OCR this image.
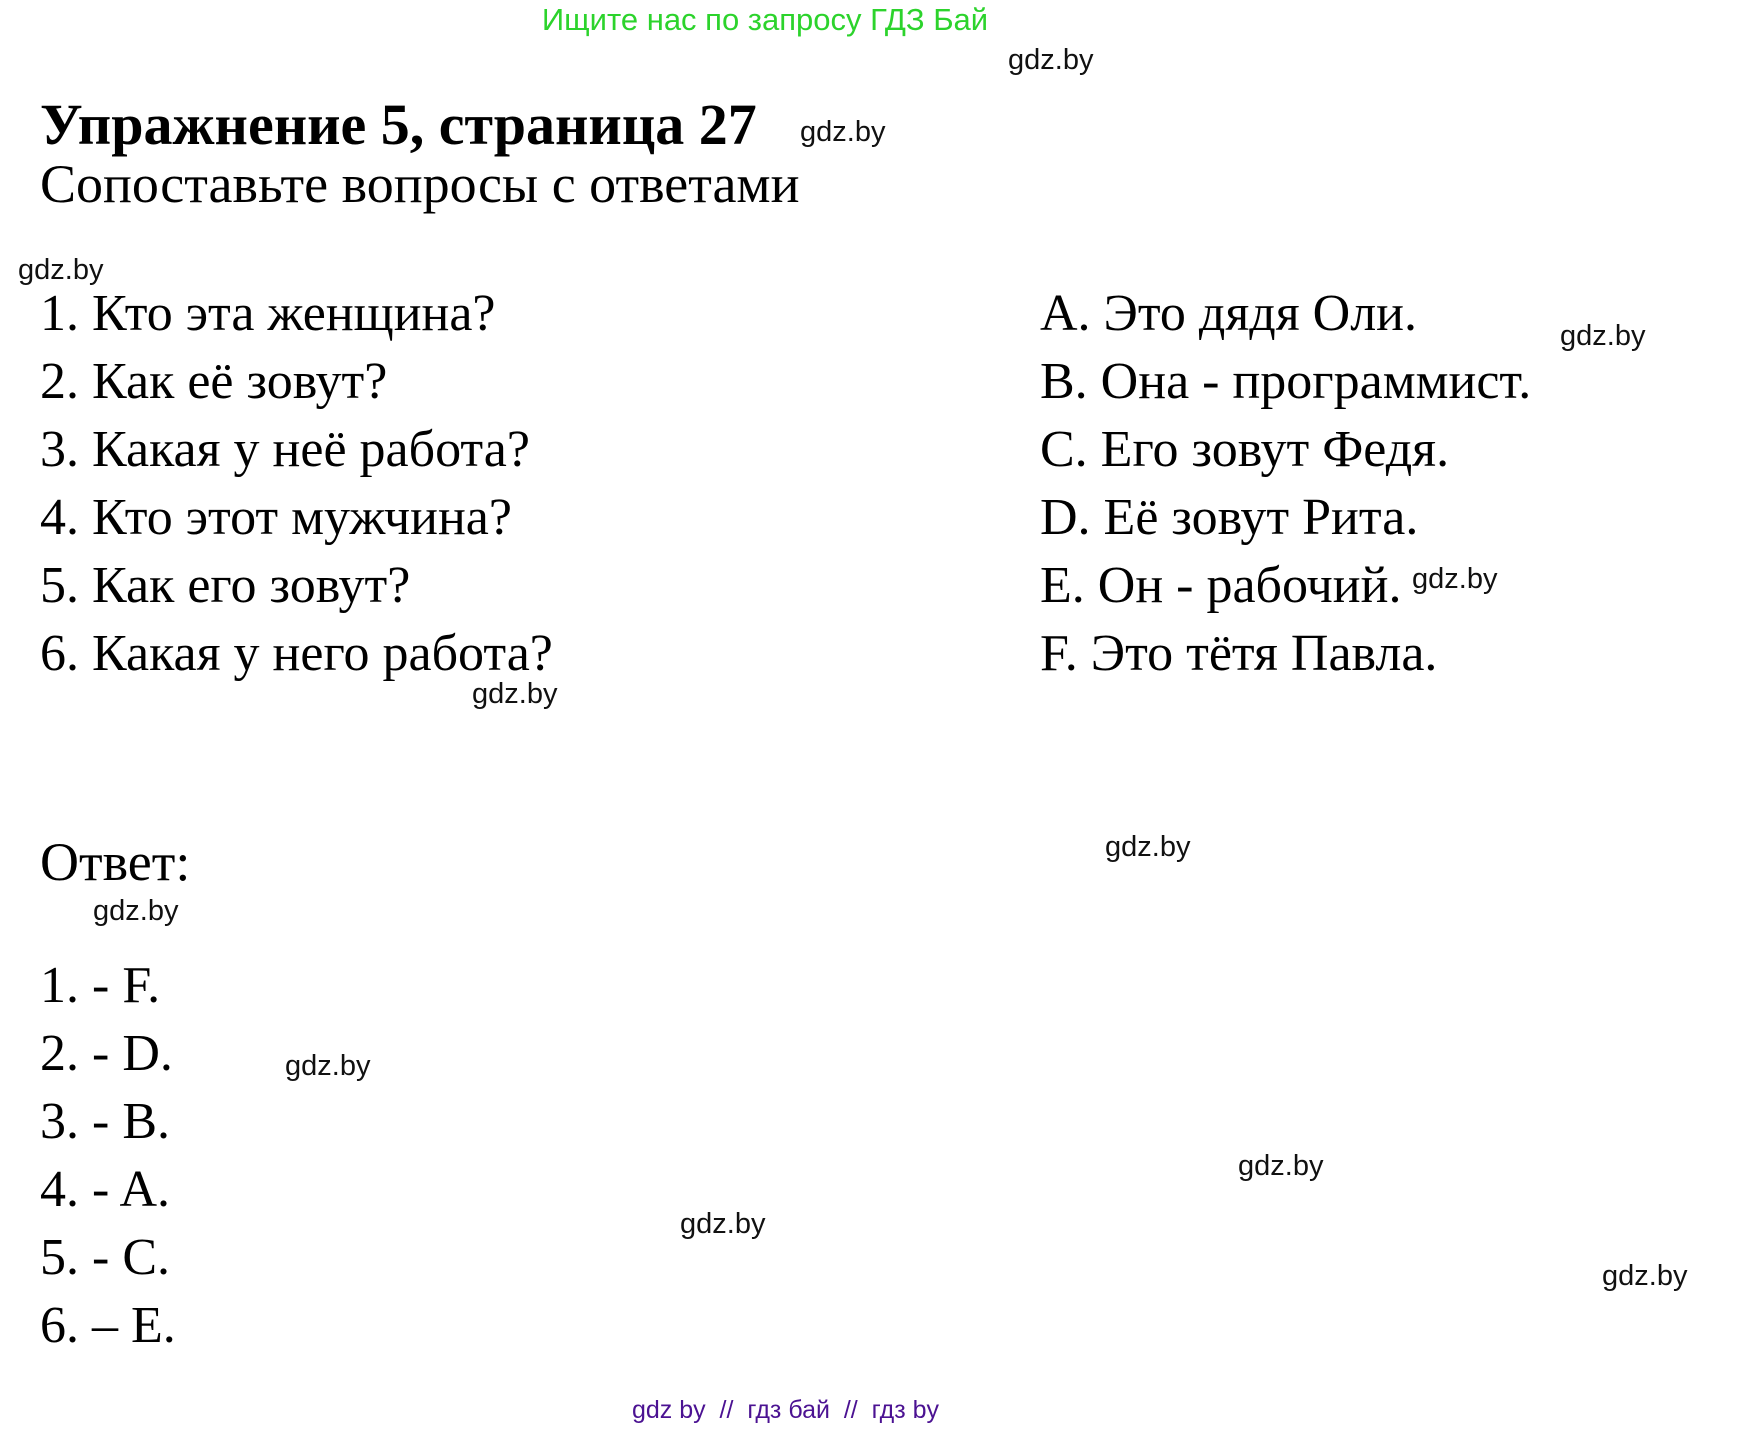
Ищите нас по запросу ГДЗ Бай
gdz.by
gdz.by
gdz.by
gdz.by
gdz.by
gdz.by
gdz.by
gdz.by
gdz.by
gdz.by
gdz.by
gdz.by
Упражнение 5, страница 27
Сопоставьте вопросы с ответами
1. Кто эта женщина?
2. Как её зовут?
3. Какая у неё работа?
4. Кто этот мужчина?
5. Как его зовут?
6. Какая у него работа?
A. Это дядя Оли.
B. Она - программист.
C. Его зовут Федя.
D. Её зовут Рита.
E. Он - рабочий.
F. Это тётя Павла.
Ответ:
1. - F.
2. - D.
3. - B.
4. - A.
5. - C.
6. – E.
gdz by  //  гдз бай  //  гдз by
